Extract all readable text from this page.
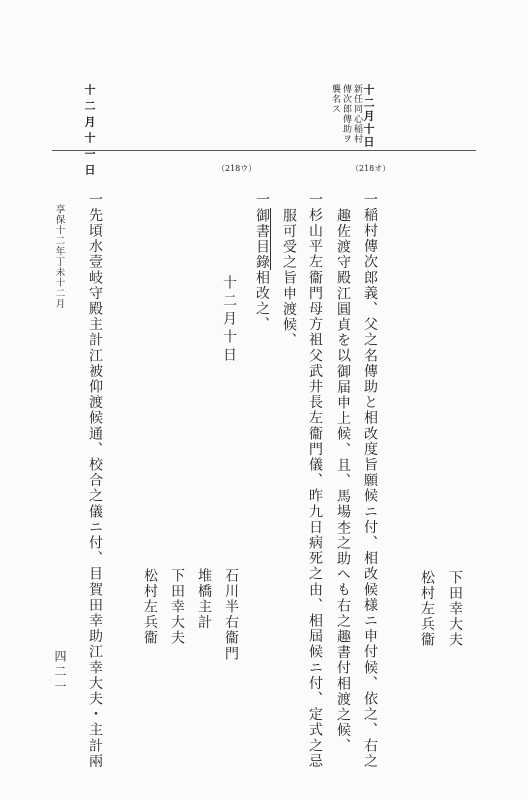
十二月十日
新任同心稲村
傳次郎傳助ヲ
襲名ス
十二月十一日	（218ウ）	（218オ）
一稲村傳次郎義、父之名傳助と相改度旨願候ニ付、相改候様ニ申付候、依之、右之
趣佐渡守殿江圓貞を以御届申上候、且、馬場杢之助へも右之趣書付相渡之候、
一杉山平左衞門母方祖父武井長左衞門儀、昨九日病死之由、相屆候ニ付、定式之忌
服可受之旨申渡候、
一御書目錄相改之、
十二月十日
下田幸大夫
松村左兵衞
石川半右衞門
堆橋主計
下田幸大夫
松村左兵衞
一先頃水壹岐守殿主計江被仰渡候通、校合之儀ニ付、目賀田幸助江幸大夫・主計兩
享保十二年丁未十二月
四二一
